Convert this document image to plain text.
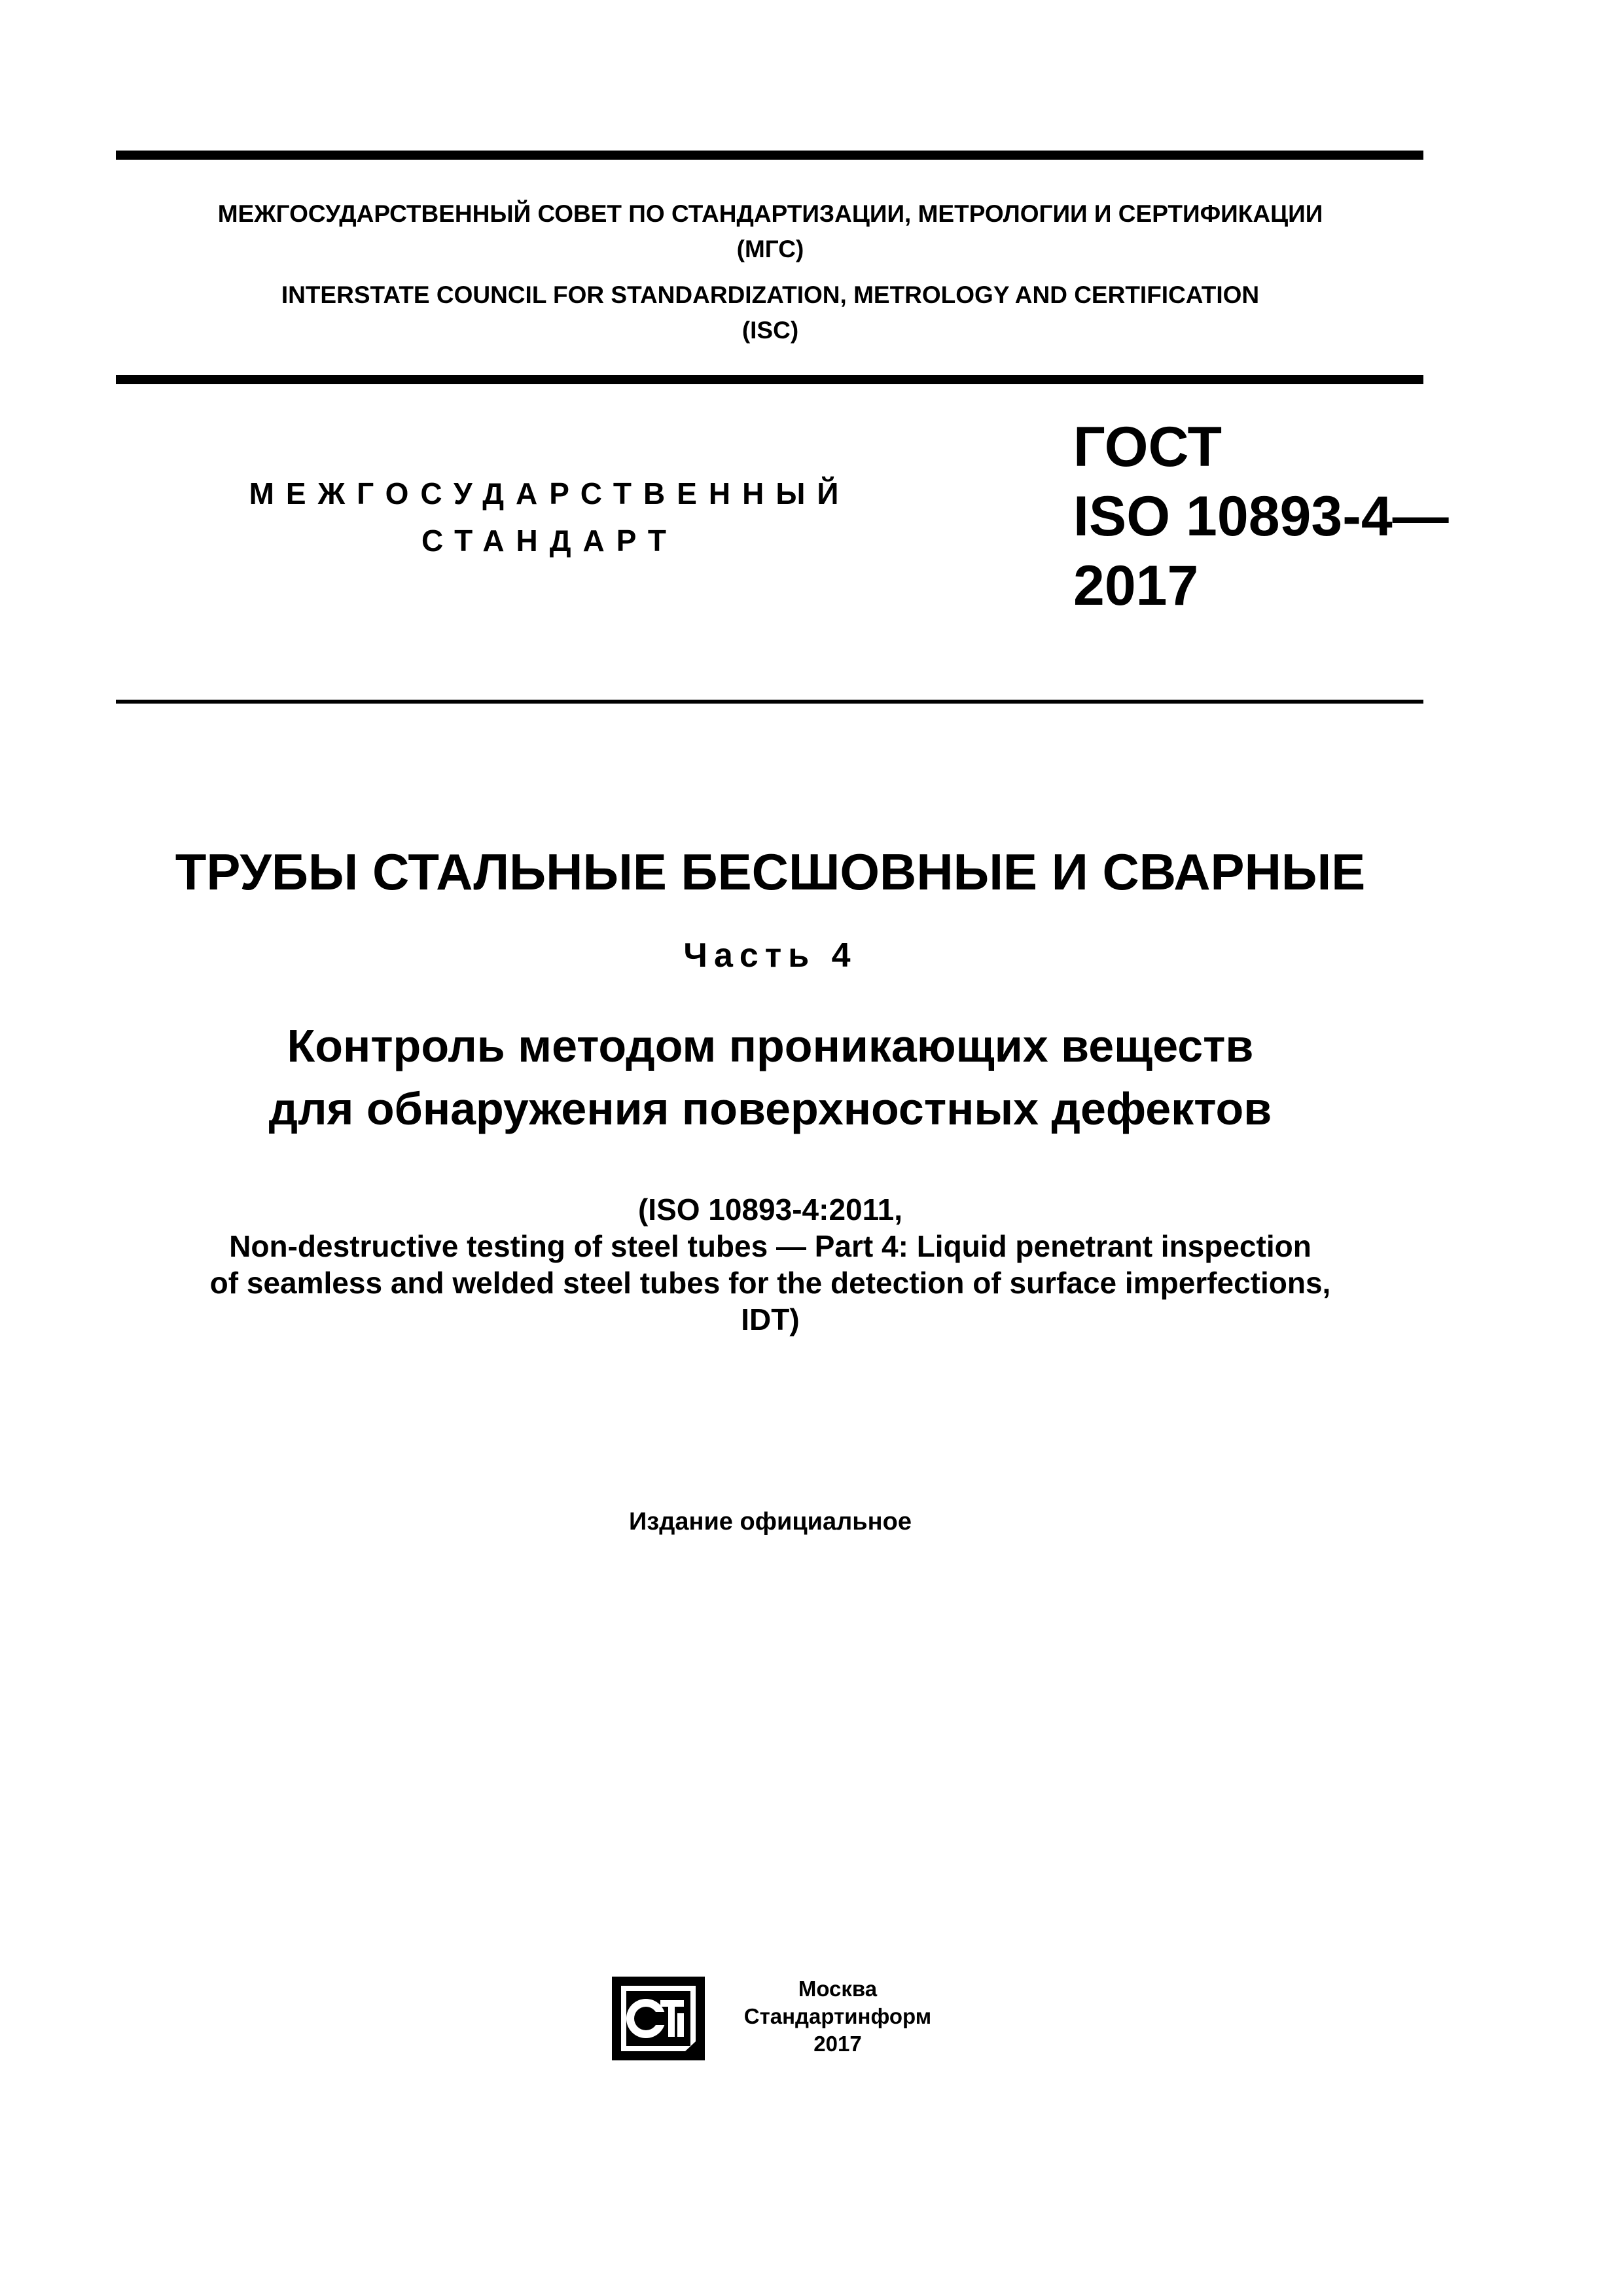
МЕЖГОСУДАРСТВЕННЫЙ СОВЕТ ПО СТАНДАРТИЗАЦИИ, МЕТРОЛОГИИ И СЕРТИФИКАЦИИ

(МГС)

INTERSTATE COUNCIL FOR STANDARDIZATION, METROLOGY AND CERTIFICATION

(ISC)

МЕЖГОСУДАРСТВЕННЫЙ
СТАНДАРТ
ГОСТ
ISO 10893-4—
2017

ТРУБЫ СТАЛЬНЫЕ БЕСШОВНЫЕ И СВАРНЫЕ

Часть 4

Контроль методом проникающих веществ
для обнаружения поверхностных дефектов
(ISO 10893-4:2011,
Non-destructive testing of steel tubes — Part 4: Liquid penetrant inspection
of seamless and welded steel tubes for the detection of surface imperfections,
IDT)

Издание официальное

Москва
Стандартинформ
2017
